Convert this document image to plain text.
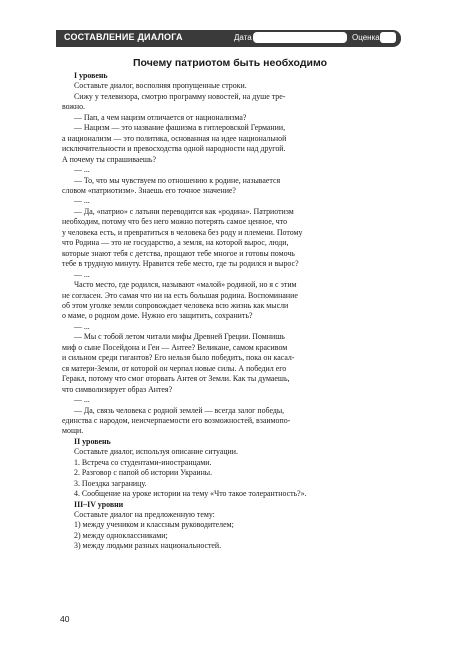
СОСТАВЛЕНИЕ ДИАЛОГА	Дата	Оценка
Почему патриотом быть необходимо
I уровень
Составьте диалог, восполняя пропущенные строки.
Сижу у телевизора, смотрю программу новостей, на душе тре-
вожно.
— Пап, а чем нацизм отличается от национализма?
— Нацизм — это название фашизма в гитлеровской Германии,
а национализм — это политика, основанная на идее национальной
исключительности и превосходства одной народности над другой.
А почему ты спрашиваешь?
— ...
— То, что мы чувствуем по отношению к родине, называется
словом «патриотизм». Знаешь его точное значение?
— ...
— Да, «патрио» с латыни переводится как «родина». Патриотизм
необходим, потому что без него можно потерять самое ценное, что
у человека есть, и превратиться в человека без роду и племени. Потому
что Родина — это не государство, а земля, на которой вырос, люди,
которые знают тебя с детства, прощают тебе многое и готовы помочь
тебе в трудную минуту. Нравится тебе место, где ты родился и вырос?
— ...
Часто место, где родился, называют «малой» родиной, но я с этим
не согласен. Это самая что ни на есть большая родина. Воспоминание
об этом уголке земли сопровождает человека всю жизнь как мысли
о маме, о родном доме. Нужно его защитить, сохранить?
— ...
— Мы с тобой летом читали мифы Древней Греции. Помнишь
миф о сыне Посейдона и Геи — Антее? Великане, самом красивом
и сильном среди гигантов? Его нельзя было победить, пока он касал-
ся матери-Земли, от которой он черпал новые силы. А победил его
Геракл, потому что смог оторвать Антея от Земли. Как ты думаешь,
что символизирует образ Антея?
— ...
— Да, связь человека с родной землей — всегда залог победы,
единства с народом, неисчерпаемости его возможностей, взаимопо-
мощи.
II уровень
Составьте диалог, используя описание ситуации.
1. Встреча со студентами-иностранцами.
2. Разговор с папой об истории Украины.
3. Поездка заграницу.
4. Сообщение на уроке истории на тему «Что такое толерантность?».
III–IV уровни
Составьте диалог на предложенную тему:
1) между учеником и классным руководителем;
2) между одноклассниками;
3) между людьми разных национальностей.
40
